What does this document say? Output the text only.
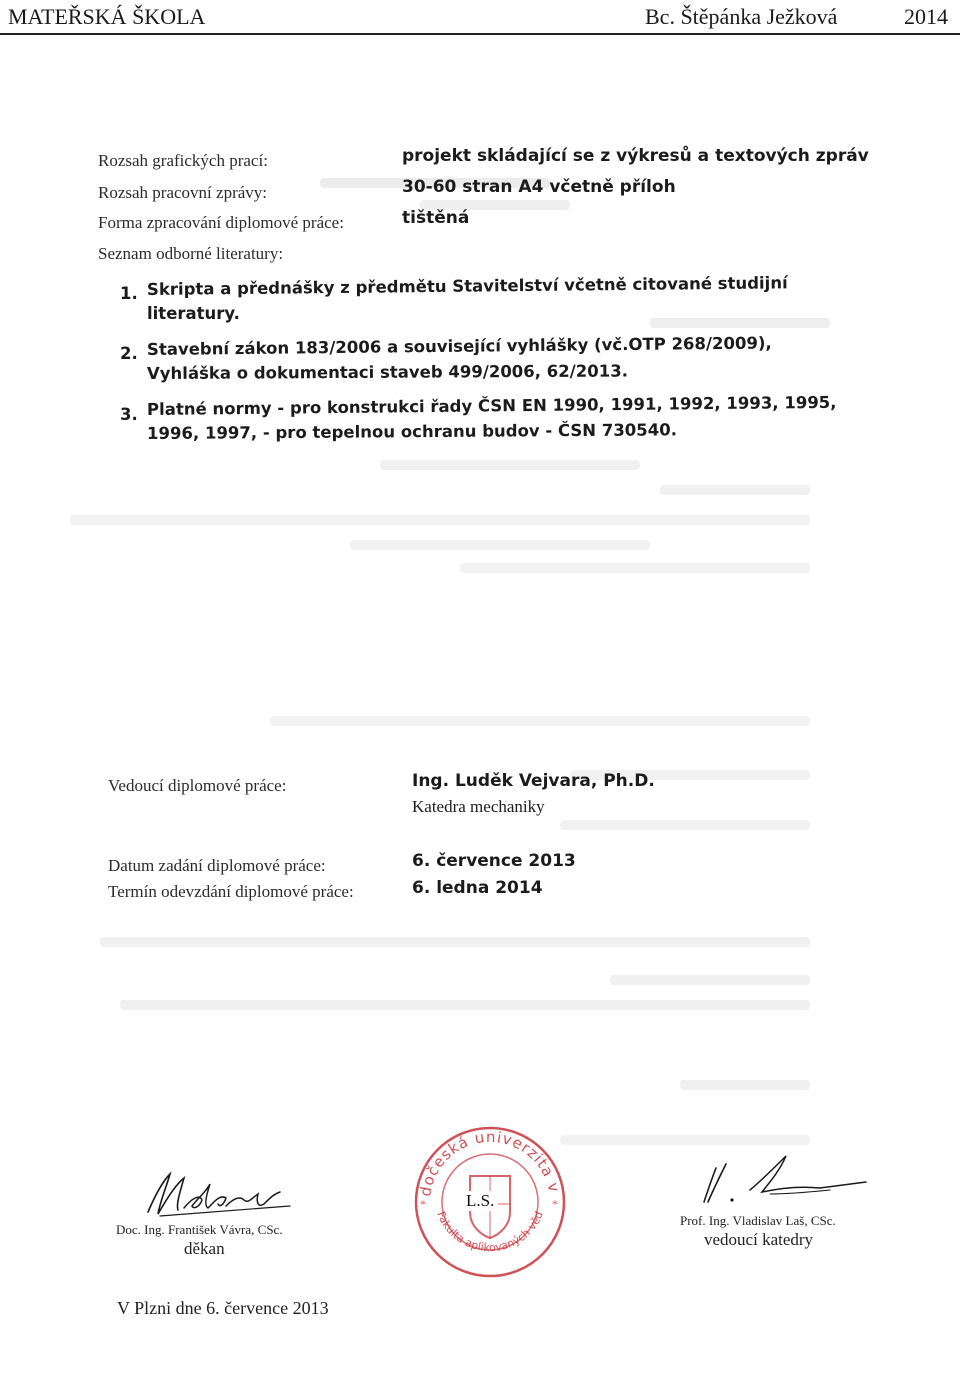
MATEŘSKÁ ŠKOLA	Bc. Štěpánka Ježková	2014
Rozsah grafických prací:	projekt skládající se z výkresů a textových zpráv
Rozsah pracovní zprávy:	30-60 stran A4 včetně příloh
Forma zpracování diplomové práce:	tištěná
Seznam odborné literatury:
1. Skripta a přednášky z předmětu Stavitelství včetně citované studijní
literatury.
2. Stavební zákon 183/2006 a související vyhlášky (vč.OTP 268/2009),
Vyhláška o dokumentaci staveb 499/2006, 62/2013.
3. Platné normy - pro konstrukci řady ČSN EN 1990, 1991, 1992, 1993, 1995,
1996, 1997, - pro tepelnou ochranu budov - ČSN 730540.
Vedoucí diplomové práce:	Ing. Luděk Vejvara, Ph.D.
Katedra mechaniky
Datum zadání diplomové práce:	6. července 2013
Termín odevzdání diplomové práce:	6. ledna 2014
Doc. Ing. František Vávra, CSc.
děkan
Západočeská univerzita v Plzni
Fakulta aplikovaných věd
*	*
L.S.
Prof. Ing. Vladislav Laš, CSc.
vedoucí katedry
V Plzni dne 6. července 2013
